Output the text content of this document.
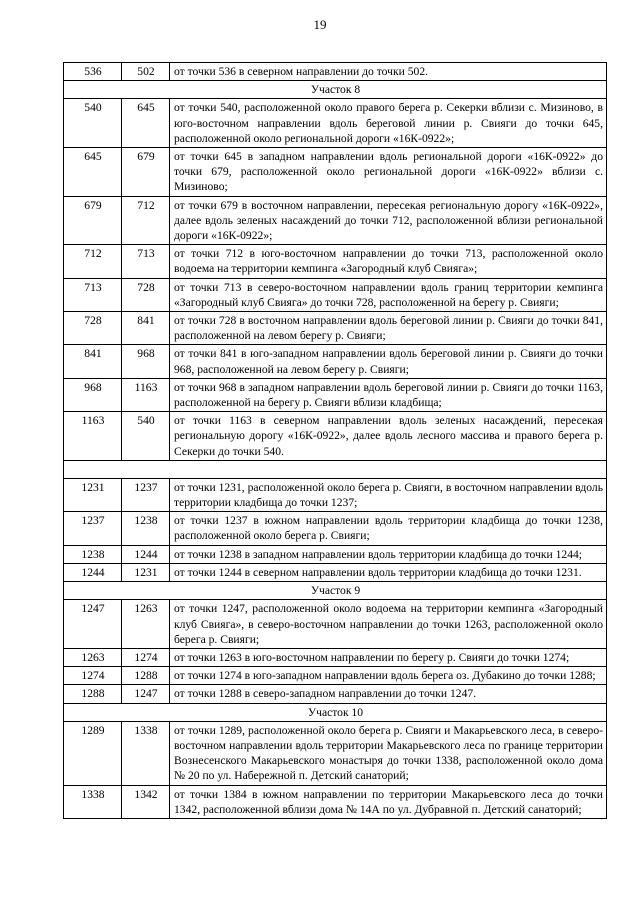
19
536	502	от точки 536 в северном направлении до точки 502.
Участок 8		
540	645	от точки 540, расположенной около правого берега р. Секерки вблизи с. Мизиново, в юго-восточном направлении вдоль береговой линии р. Свияги до точки 645, расположенной около региональной дороги «16К-0922»;
645	679	от точки 645 в западном направлении вдоль региональной дороги «16К-0922» до точки 679, расположенной около региональной дороги «16К-0922» вблизи с. Мизиново;
679	712	от точки 679 в восточном направлении, пересекая региональную дорогу «16К-0922», далее вдоль зеленых насаждений до точки 712, расположенной вблизи региональной дороги «16К-0922»;
712	713	от точки 712 в юго-восточном направлении до точки 713, расположенной около водоема на территории кемпинга «Загородный клуб Свияга»;
713	728	от точки 713 в северо-восточном направлении вдоль границ территории кемпинга «Загородный клуб Свияга» до точки 728, расположенной на берегу р. Свияги;
728	841	от точки 728 в восточном направлении вдоль береговой линии р. Свияги до точки 841, расположенной на левом берегу р. Свияги;
841	968	от точки 841 в юго-западном направлении вдоль береговой линии р. Свияги до точки 968, расположенной на левом берегу р. Свияги;
968	1163	от точки 968 в западном направлении вдоль береговой линии р. Свияги до точки 1163, расположенной на берегу р. Свияги вблизи кладбища;
1163	540	от точки 1163 в северном направлении вдоль зеленых насаждений, пересекая региональную дорогу «16К-0922», далее вдоль лесного массива и правого берега р. Секерки до точки 540.

1231	1237	от точки 1231, расположенной около берега р. Свияги, в восточном направлении вдоль территории кладбища до точки 1237;
1237	1238	от точки 1237 в южном направлении вдоль территории кладбища до точки 1238, расположенной около берега р. Свияги;
1238	1244	от точки 1238 в западном направлении вдоль территории кладбища до точки 1244;
1244	1231	от точки 1244 в северном направлении вдоль территории кладбища до точки 1231.
Участок 9		
1247	1263	от точки 1247, расположенной около водоема на территории кемпинга «Загородный клуб Свияга», в северо-восточном направлении до точки 1263, расположенной около берега р. Свияги;
1263	1274	от точки 1263 в юго-восточном направлении по берегу р. Свияги до точки 1274;
1274	1288	от точки 1274 в юго-западном направлении вдоль берега оз. Дубакино до точки 1288;
1288	1247	от точки 1288 в северо-западном направлении до точки 1247.
Участок 10		
1289	1338	от точки 1289, расположенной около берега р. Свияги и Макарьевского леса, в северо-восточном направлении вдоль территории Макарьевского леса по границе территории Вознесенского Макарьевского монастыря до точки 1338, расположенной около дома № 20 по ул. Набережной п. Детский санаторий;
1338	1342	от точки 1384 в южном направлении по территории Макарьевского леса до точки 1342, расположенной вблизи дома № 14А по ул. Дубравной п. Детский санаторий;
